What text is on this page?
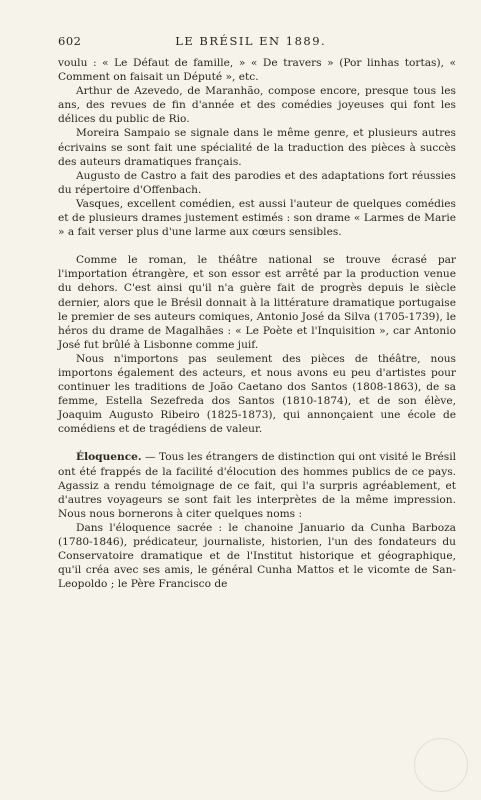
602	LE BRÉSIL EN 1889.

voulu : « Le Défaut de famille, » « De travers » (Por linhas tortas), « Comment on faisait un Député », etc.

Arthur de Azevedo, de Maranhão, compose encore, presque tous les ans, des revues de fin d'année et des comédies joyeuses qui font les délices du public de Rio.

Moreira Sampaio se signale dans le même genre, et plusieurs autres écrivains se sont fait une spécialité de la traduction des pièces à succès des auteurs dramatiques français.

Augusto de Castro a fait des parodies et des adaptations fort réussies du répertoire d'Offenbach.

Vasques, excellent comédien, est aussi l'auteur de quelques comédies et de plusieurs drames justement estimés : son drame « Larmes de Marie » a fait verser plus d'une larme aux cœurs sensibles.

Comme le roman, le théâtre national se trouve écrasé par l'importation étrangère, et son essor est arrêté par la production venue du dehors. C'est ainsi qu'il n'a guère fait de progrès depuis le siècle dernier, alors que le Brésil donnait à la littérature dramatique portugaise le premier de ses auteurs comiques, Antonio José da Silva (1705-1739), le héros du drame de Magalhães : « Le Poète et l'Inquisition », car Antonio José fut brûlé à Lisbonne comme juif.

Nous n'importons pas seulement des pièces de théâtre, nous importons également des acteurs, et nous avons eu peu d'artistes pour continuer les traditions de João Caetano dos Santos (1808-1863), de sa femme, Estella Sezefreda dos Santos (1810-1874), et de son élève, Joaquim Augusto Ribeiro (1825-1873), qui annonçaient une école de comédiens et de tragédiens de valeur.

Éloquence. — Tous les étrangers de distinction qui ont visité le Brésil ont été frappés de la facilité d'élocution des hommes publics de ce pays. Agassiz a rendu témoignage de ce fait, qui l'a surpris agréablement, et d'autres voyageurs se sont fait les interprètes de la même impression. Nous nous bornerons à citer quelques noms :

Dans l'éloquence sacrée : le chanoine Januario da Cunha Barboza (1780-1846), prédicateur, journaliste, historien, l'un des fondateurs du Conservatoire dramatique et de l'Institut historique et géographique, qu'il créa avec ses amis, le général Cunha Mattos et le vicomte de San-Leopoldo ; le Père Francisco de
